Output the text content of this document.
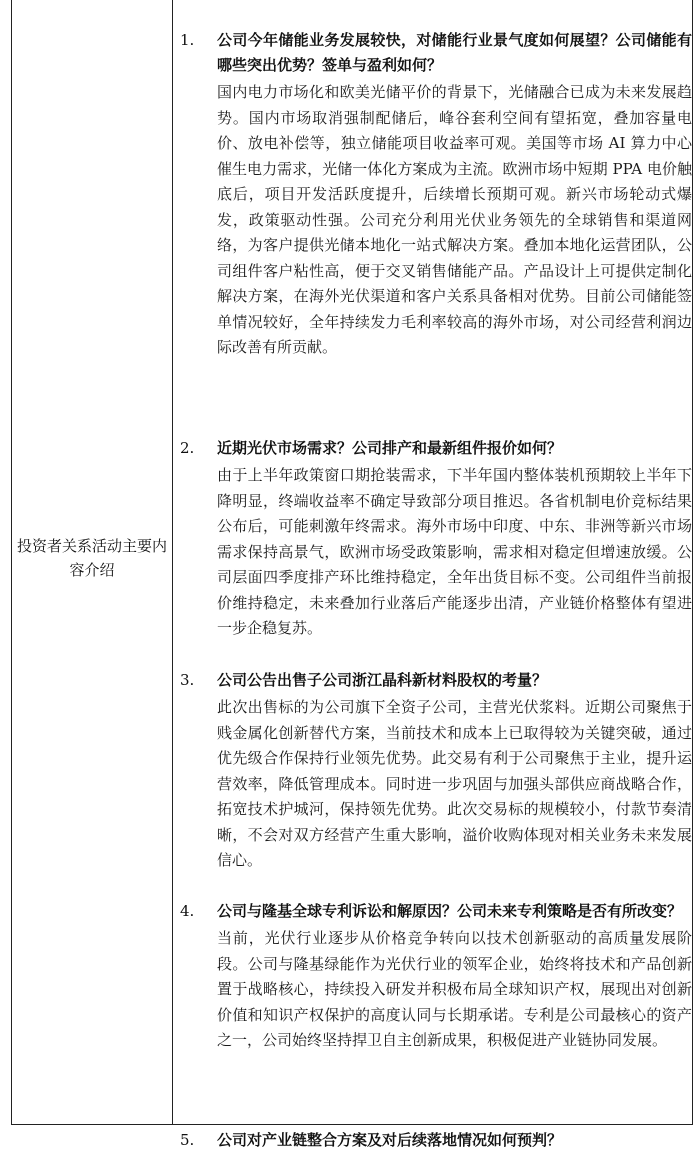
投资者关系活动主要内容介绍
1. 公司今年储能业务发展较快，对储能行业景气度如何展望？公司储能有哪些突出优势？签单与盈利如何？
国内电力市场化和欧美光储平价的背景下，光储融合已成为未来发展趋势。国内市场取消强制配储后，峰谷套利空间有望拓宽，叠加容量电价、放电补偿等，独立储能项目收益率可观。美国等市场 AI 算力中心催生电力需求，光储一体化方案成为主流。欧洲市场中短期 PPA 电价触底后，项目开发活跃度提升，后续增长预期可观。新兴市场轮动式爆发，政策驱动性强。公司充分利用光伏业务领先的全球销售和渠道网络，为客户提供光储本地化一站式解决方案。叠加本地化运营团队，公司组件客户粘性高，便于交叉销售储能产品。产品设计上可提供定制化解决方案，在海外光伏渠道和客户关系具备相对优势。目前公司储能签单情况较好，全年持续发力毛利率较高的海外市场，对公司经营利润边际改善有所贡献。
2. 近期光伏市场需求？公司排产和最新组件报价如何？
由于上半年政策窗口期抢装需求，下半年国内整体装机预期较上半年下降明显，终端收益率不确定导致部分项目推迟。各省机制电价竞标结果公布后，可能刺激年终需求。海外市场中印度、中东、非洲等新兴市场需求保持高景气，欧洲市场受政策影响，需求相对稳定但增速放缓。公司层面四季度排产环比维持稳定，全年出货目标不变。公司组件当前报价维持稳定，未来叠加行业落后产能逐步出清，产业链价格整体有望进一步企稳复苏。
3. 公司公告出售子公司浙江晶科新材料股权的考量？
此次出售标的为公司旗下全资子公司，主营光伏浆料。近期公司聚焦于贱金属化创新替代方案，当前技术和成本上已取得较为关键突破，通过优先级合作保持行业领先优势。此交易有利于公司聚焦于主业，提升运营效率，降低管理成本。同时进一步巩固与加强头部供应商战略合作，拓宽技术护城河，保持领先优势。此次交易标的规模较小，付款节奏清晰，不会对双方经营产生重大影响，溢价收购体现对相关业务未来发展信心。
4. 公司与隆基全球专利诉讼和解原因？公司未来专利策略是否有所改变？
当前，光伏行业逐步从价格竞争转向以技术创新驱动的高质量发展阶段。公司与隆基绿能作为光伏行业的领军企业，始终将技术和产品创新置于战略核心，持续投入研发并积极布局全球知识产权，展现出对创新价值和知识产权保护的高度认同与长期承诺。专利是公司最核心的资产之一，公司始终坚持捍卫自主创新成果，积极促进产业链协同发展。
5. 公司对产业链整合方案及对后续落地情况如何预判？
